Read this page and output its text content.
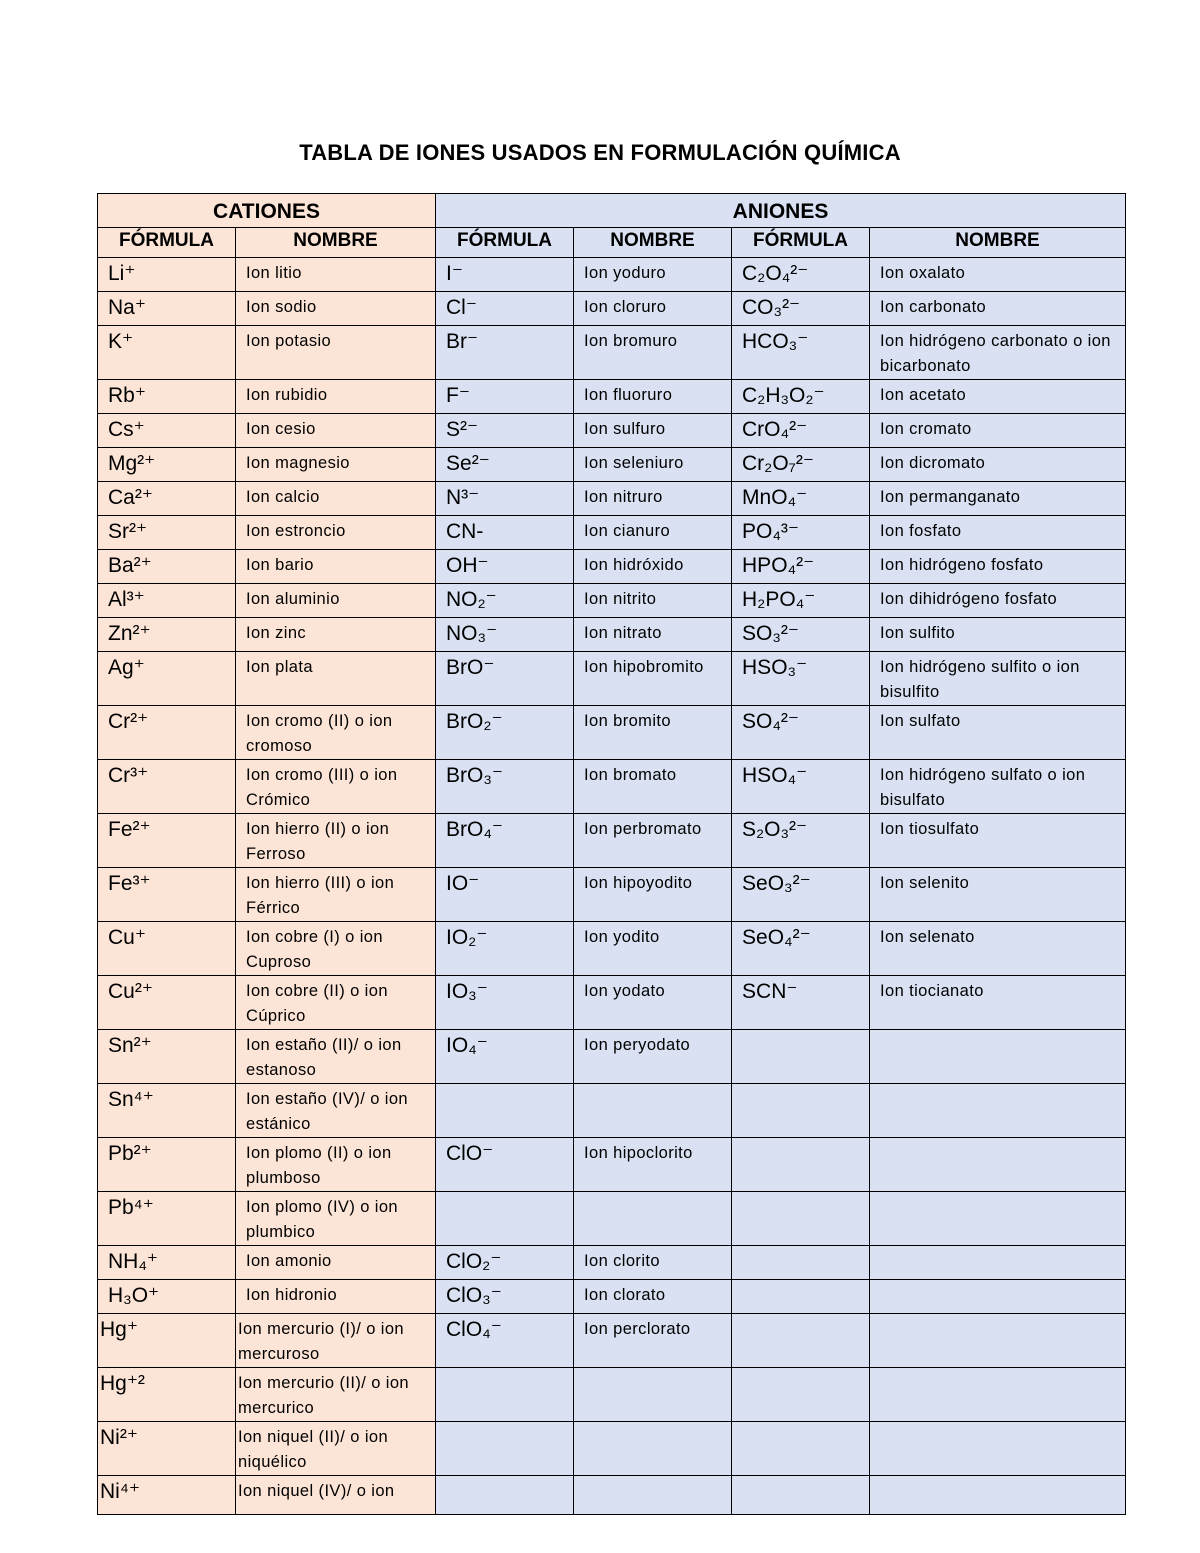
TABLA DE IONES USADOS EN FORMULACIÓN QUÍMICA
CATIONES		ANIONES			
FÓRMULA	NOMBRE	FÓRMULA	NOMBRE	FÓRMULA	NOMBRE
Li⁺	Ion litio	I⁻	Ion yoduro	C₂O₄²⁻	Ion oxalato
Na⁺	Ion sodio	Cl⁻	Ion cloruro	CO₃²⁻	Ion carbonato
K⁺	Ion potasio	Br⁻	Ion bromuro	HCO₃⁻	Ion hidrógeno carbonato o ion bicarbonato
Rb⁺	Ion rubidio	F⁻	Ion fluoruro	C₂H₃O₂⁻	Ion acetato
Cs⁺	Ion cesio	S²⁻	Ion sulfuro	CrO₄²⁻	Ion cromato
Mg²⁺	Ion magnesio	Se²⁻	Ion seleniuro	Cr₂O₇²⁻	Ion dicromato
Ca²⁺	Ion calcio	N³⁻	Ion nitruro	MnO₄⁻	Ion permanganato
Sr²⁺	Ion estroncio	CN-	Ion cianuro	PO₄³⁻	Ion fosfato
Ba²⁺	Ion bario	OH⁻	Ion hidróxido	HPO₄²⁻	Ion hidrógeno fosfato
Al³⁺	Ion aluminio	NO₂⁻	Ion nitrito	H₂PO₄⁻	Ion dihidrógeno fosfato
Zn²⁺	Ion zinc	NO₃⁻	Ion nitrato	SO₃²⁻	Ion sulfito
Ag⁺	Ion plata	BrO⁻	Ion hipobromito	HSO₃⁻	Ion hidrógeno sulfito o ion bisulfito
Cr²⁺	Ion cromo (II) o ion cromoso	BrO₂⁻	Ion bromito	SO₄²⁻	Ion sulfato
Cr³⁺	Ion cromo (III) o ion Crómico	BrO₃⁻	Ion bromato	HSO₄⁻	Ion hidrógeno sulfato o ion bisulfato
Fe²⁺	Ion hierro (II) o ion Ferroso	BrO₄⁻	Ion perbromato	S₂O₃²⁻	Ion tiosulfato
Fe³⁺	Ion hierro (III) o ion Férrico	IO⁻	Ion hipoyodito	SeO₃²⁻	Ion selenito
Cu⁺	Ion cobre (I) o ion Cuproso	IO₂⁻	Ion yodito	SeO₄²⁻	Ion selenato
Cu²⁺	Ion cobre (II) o ion Cúprico	IO₃⁻	Ion yodato	SCN⁻	Ion tiocianato
Sn²⁺	Ion estaño (II)/ o ion estanoso	IO₄⁻	Ion peryodato		
Sn⁴⁺	Ion estaño (IV)/ o ion estánico				
Pb²⁺	Ion plomo (II) o ion plumboso	ClO⁻	Ion hipoclorito		
Pb⁴⁺	Ion plomo (IV) o ion plumbico				
NH₄⁺	Ion amonio	ClO₂⁻	Ion clorito		
H₃O⁺	Ion hidronio	ClO₃⁻	Ion clorato		
Hg⁺	Ion mercurio (I)/ o ion mercuroso	ClO₄⁻	Ion perclorato		
Hg⁺²	Ion mercurio (II)/ o ion mercurico				
Ni²⁺	Ion niquel (II)/ o ion niquélico				
Ni⁴⁺	Ion niquel (IV)/ o ion				
